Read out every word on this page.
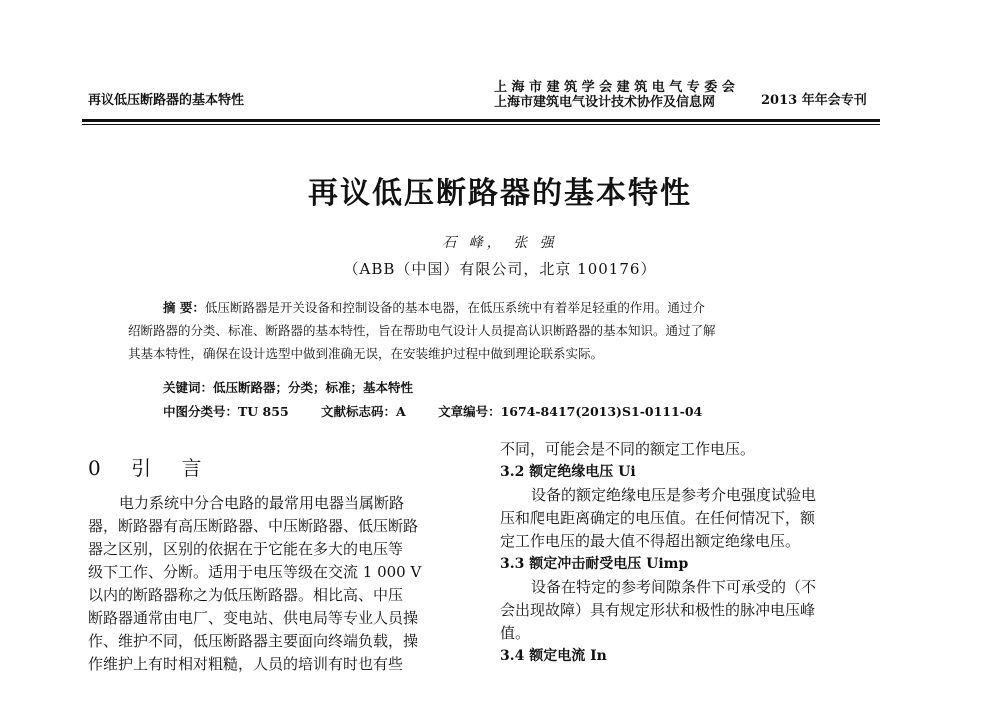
再议低压断路器的基本特性
上 海 市 建 筑 学 会 建 筑 电 气 专 委 会
上海市建筑电气设计技术协作及信息网	2013 年年会专刊
再议低压断路器的基本特性
石 峰， 张 强
（ABB（中国）有限公司，北京 100176）
摘 要：低压断路器是开关设备和控制设备的基本电器，在低压系统中有着举足轻重的作用。通过介
绍断路器的分类、标准、断路器的基本特性，旨在帮助电气设计人员提高认识断路器的基本知识。通过了解
其基本特性，确保在设计选型中做到准确无误，在安装维护过程中做到理论联系实际。
关键词：低压断路器；分类；标准；基本特性
中图分类号：TU 855	文献标志码：A	文章编号：1674-8417(2013)S1-0111-04
0 引 言

电力系统中分合电路的最常用电器当属断路

器，断路器有高压断路器、中压断路器、低压断路

器之区别，区别的依据在于它能在多大的电压等

级下工作、分断。适用于电压等级在交流 1 000 V

以内的断路器称之为低压断路器。相比高、中压

断路器通常由电厂、变电站、供电局等专业人员操

作、维护不同，低压断路器主要面向终端负载，操

作维护上有时相对粗糙，人员的培训有时也有些

不同，可能会是不同的额定工作电压。

3.2 额定绝缘电压 Ui

设备的额定绝缘电压是参考介电强度试验电

压和爬电距离确定的电压值。在任何情况下，额

定工作电压的最大值不得超出额定绝缘电压。

3.3 额定冲击耐受电压 Uimp

设备在特定的参考间隙条件下可承受的（不

会出现故障）具有规定形状和极性的脉冲电压峰

值。

3.4 额定电流 In
